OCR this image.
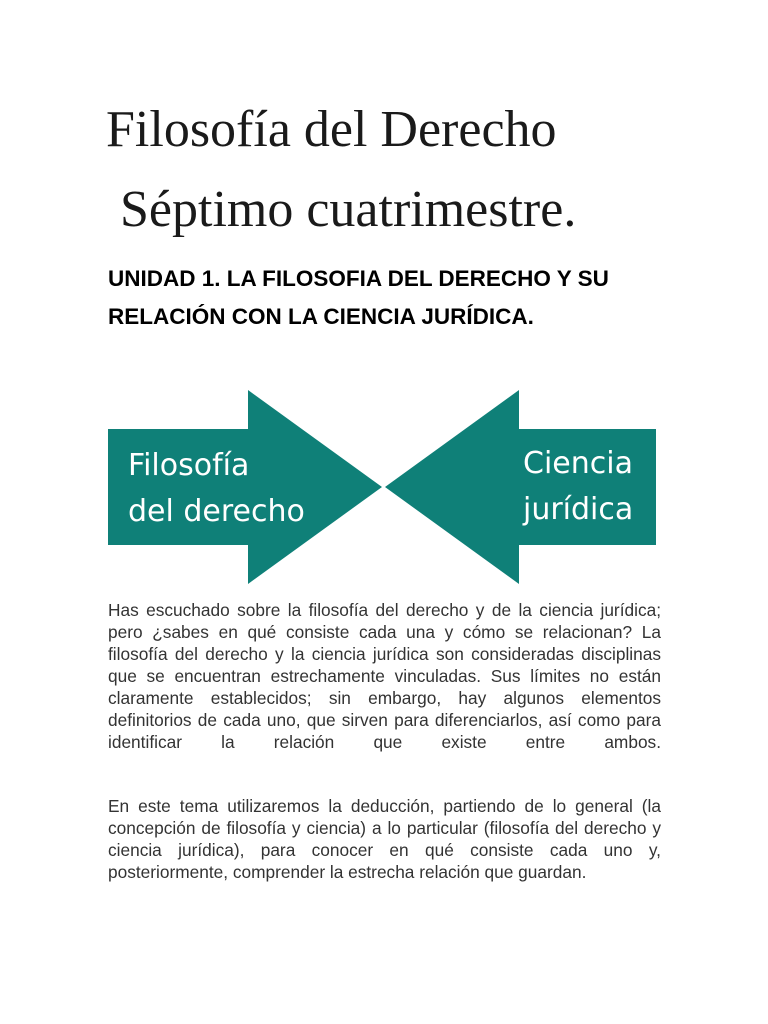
Filosofía del Derecho
Séptimo cuatrimestre.
UNIDAD 1. LA FILOSOFIA DEL DERECHO Y SU RELACIÓN CON LA CIENCIA JURÍDICA.
Filosofía
del derecho
Ciencia
jurídica

Has escuchado sobre la filosofía del derecho y de la ciencia jurídica; pero ¿sabes en qué consiste cada una y cómo se relacionan? La filosofía del derecho y la ciencia jurídica son consideradas disciplinas que se encuentran estrechamente vinculadas. Sus límites no están claramente establecidos; sin embargo, hay algunos elementos definitorios de cada uno, que sirven para diferenciarlos, así como para identificar la relación que existe entre ambos.

En este tema utilizaremos la deducción, partiendo de lo general (la concepción de filosofía y ciencia) a lo particular (filosofía del derecho y ciencia jurídica), para conocer en qué consiste cada uno y, posteriormente, comprender la estrecha relación que guardan.
